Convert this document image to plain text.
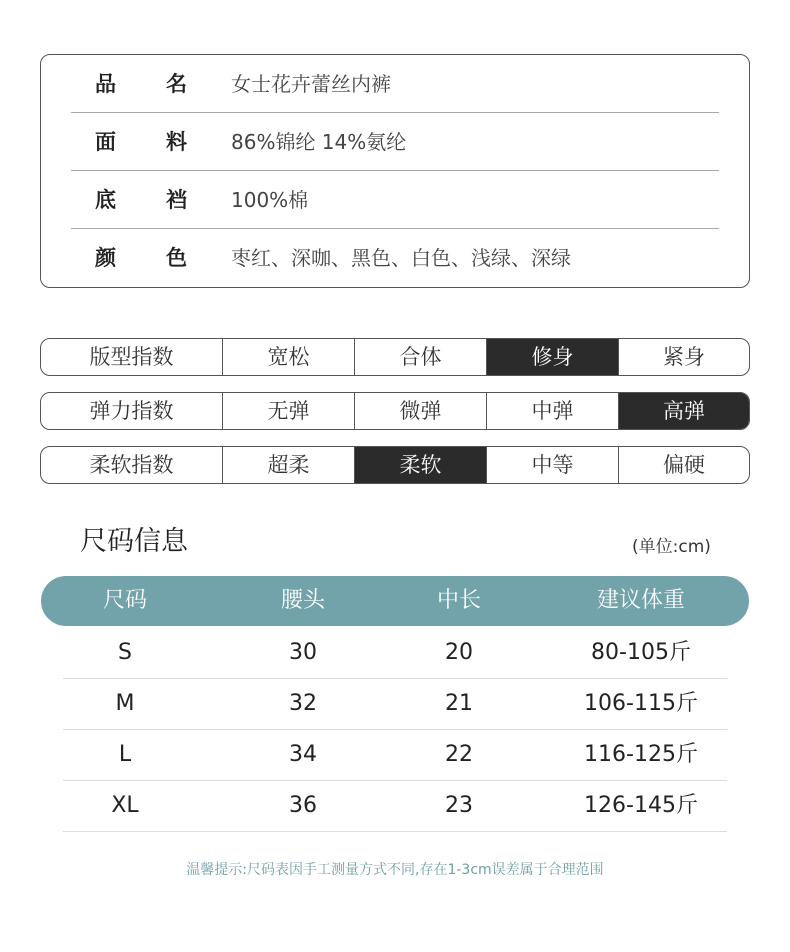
品 名 女士花卉蕾丝内裤
面 料 86%锦纶 14%氨纶
底 裆 100%棉
颜 色 枣红、深咖、黑色、白色、浅绿、深绿
版型指数	宽松	合体	修身	紧身
弹力指数	无弹	微弹	中弹	高弹
柔软指数	超柔	柔软	中等	偏硬
尺码信息	(单位:cm)
尺码	腰头	中长	建议体重
S	30	20	80-105斤
M	32	21	106-115斤
L	34	22	116-125斤
XL	36	23	126-145斤
温馨提示:尺码表因手工测量方式不同,存在1-3cm误差属于合理范围
